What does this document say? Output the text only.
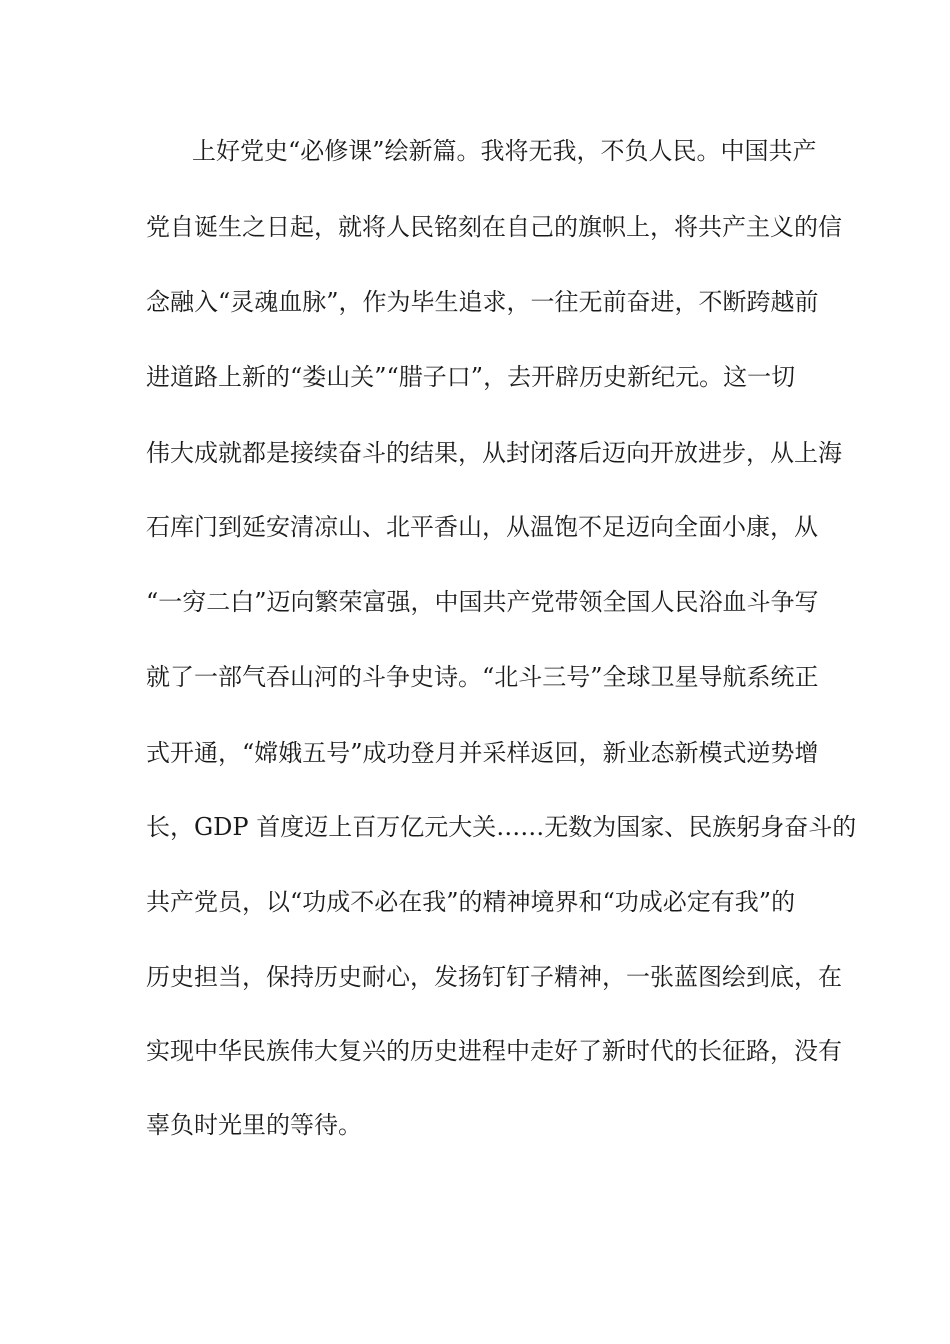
上好党史“必修课”绘新篇。我将无我，不负人民。中国共产
党自诞生之日起，就将人民铭刻在自己的旗帜上，将共产主义的信
念融入“灵魂血脉”，作为毕生追求，一往无前奋进，不断跨越前
进道路上新的“娄山关”“腊子口”，去开辟历史新纪元。这一切
伟大成就都是接续奋斗的结果，从封闭落后迈向开放进步，从上海
石库门到延安清凉山、北平香山，从温饱不足迈向全面小康，从
“一穷二白”迈向繁荣富强，中国共产党带领全国人民浴血斗争写
就了一部气吞山河的斗争史诗。“北斗三号”全球卫星导航系统正
式开通，“嫦娥五号”成功登月并采样返回，新业态新模式逆势增
长，GDP 首度迈上百万亿元大关……无数为国家、民族躬身奋斗的
共产党员，以“功成不必在我”的精神境界和“功成必定有我”的
历史担当，保持历史耐心，发扬钉钉子精神，一张蓝图绘到底，在
实现中华民族伟大复兴的历史进程中走好了新时代的长征路，没有
辜负时光里的等待。
